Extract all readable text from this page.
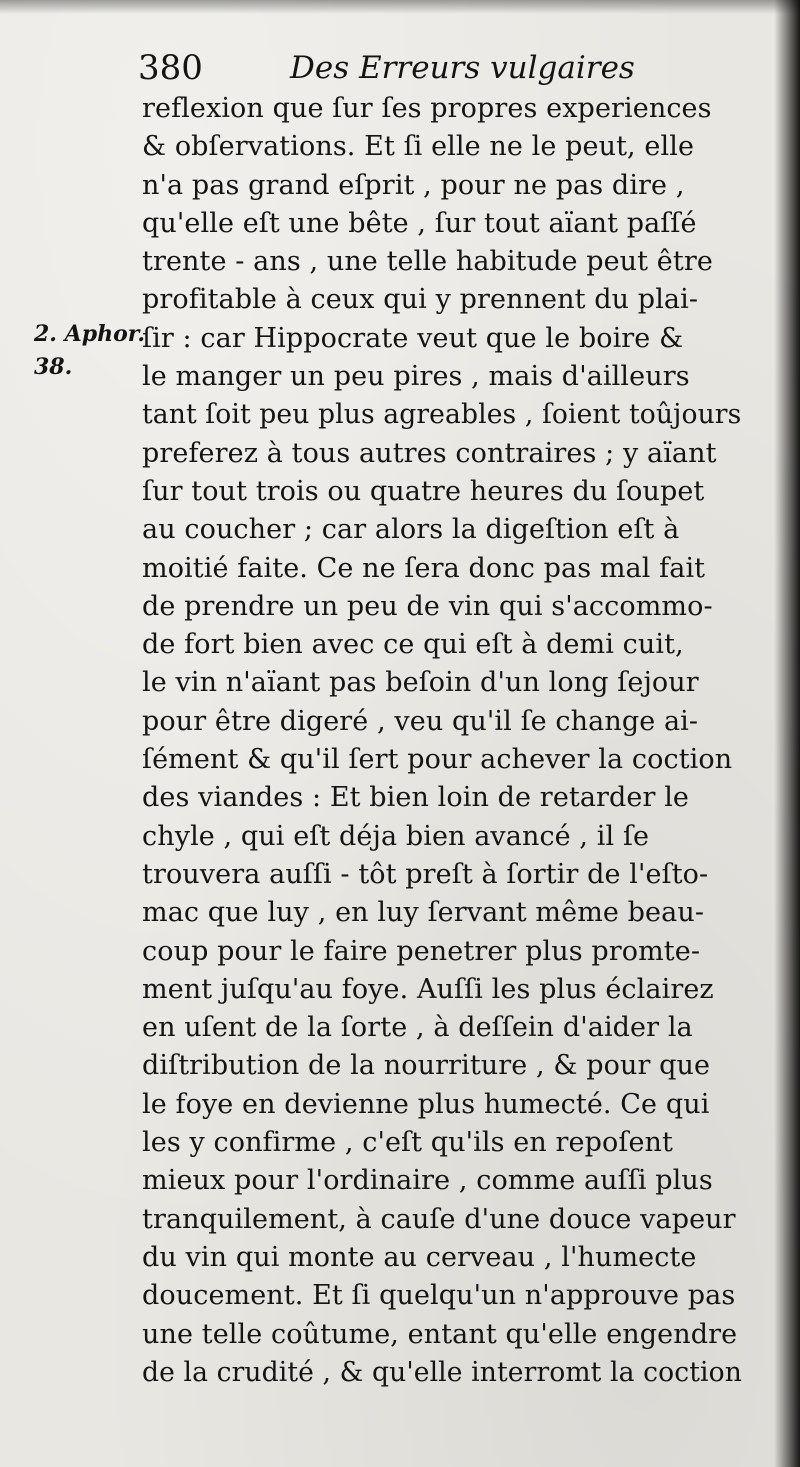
380	Des Erreurs vulgaires
2. Aphor.
38.
reflexion que ſur ſes propres experiences
& obſervations. Et ſi elle ne le peut, elle
n'a pas grand eſprit , pour ne pas dire ,
qu'elle eſt une bête , ſur tout aïant paſſé
trente - ans , une telle habitude peut être
profitable à ceux qui y prennent du plai-
ſir : car Hippocrate veut que le boire &
le manger un peu pires , mais d'ailleurs
tant ſoit peu plus agreables , ſoient toûjours
preferez à tous autres contraires ; y aïant
ſur tout trois ou quatre heures du ſoupet
au coucher ; car alors la digeſtion eſt à
moitié faite. Ce ne ſera donc pas mal fait
de prendre un peu de vin qui s'accommo-
de fort bien avec ce qui eſt à demi cuit,
le vin n'aïant pas beſoin d'un long ſejour
pour être digeré , veu qu'il ſe change ai-
ſément & qu'il ſert pour achever la coction
des viandes : Et bien loin de retarder le
chyle , qui eſt déja bien avancé , il ſe
trouvera auſſi - tôt preſt à ſortir de l'eſto-
mac que luy , en luy ſervant même beau-
coup pour le faire penetrer plus promte-
ment juſqu'au foye. Auſſi les plus éclairez
en uſent de la ſorte , à deſſein d'aider la
diſtribution de la nourriture , & pour que
le foye en devienne plus humecté. Ce qui
les y confirme , c'eſt qu'ils en repoſent
mieux pour l'ordinaire , comme auſſi plus
tranquilement, à cauſe d'une douce vapeur
du vin qui monte au cerveau , l'humecte
doucement. Et ſi quelqu'un n'approuve pas
une telle coûtume, entant qu'elle engendre
de la crudité , & qu'elle interromt la coction
